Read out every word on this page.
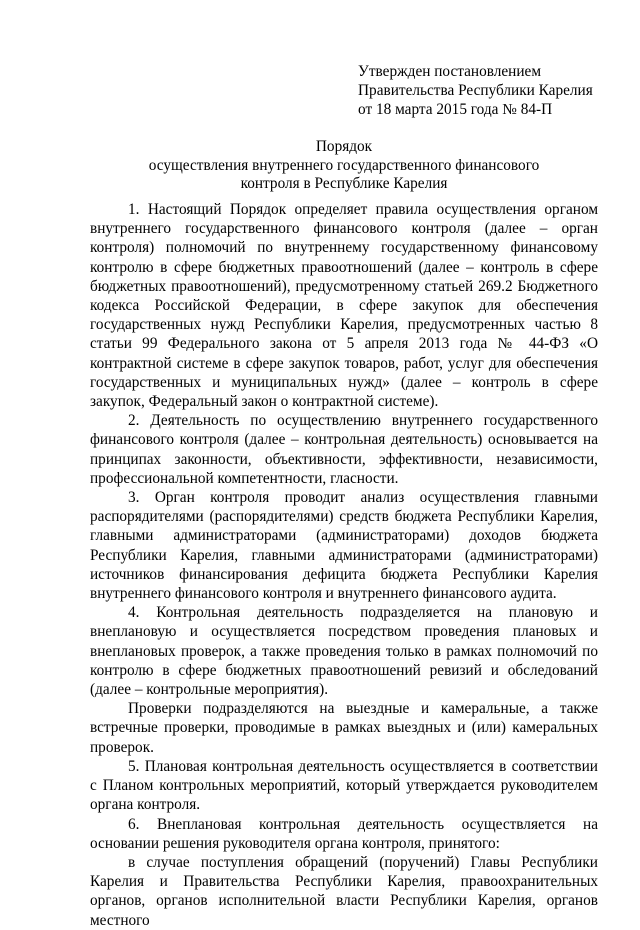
Утвержден постановлением
Правительства Республики Карелия
от 18 марта 2015 года № 84-П
Порядок
осуществления внутреннего государственного финансового
контроля в Республике Карелия

1. Настоящий Порядок определяет правила осуществления органом внутреннего государственного финансового контроля (далее – орган контроля) полномочий по внутреннему государственному финансовому контролю в сфере бюджетных правоотношений (далее – контроль в сфере бюджетных правоотношений), предусмотренному статьей 269.2 Бюджетного кодекса Российской Федерации, в сфере закупок для обеспечения государственных нужд Республики Карелия, предусмотренных частью 8 статьи 99 Федерального закона от 5 апреля 2013 года № 44-ФЗ «О контрактной системе в сфере закупок товаров, работ, услуг для обеспечения государственных и муниципальных нужд» (далее – контроль в сфере закупок, Федеральный закон о контрактной системе).

2. Деятельность по осуществлению внутреннего государственного финансового контроля (далее – контрольная деятельность) основывается на принципах законности, объективности, эффективности, независимости, профессиональной компетентности, гласности.

3. Орган контроля проводит анализ осуществления главными распорядителями (распорядителями) средств бюджета Республики Карелия, главными администраторами (администраторами) доходов бюджета Республики Карелия, главными администраторами (администраторами) источников финансирования дефицита бюджета Республики Карелия внутреннего финансового контроля и внутреннего финансового аудита.

4. Контрольная деятельность подразделяется на плановую и внеплановую и осуществляется посредством проведения плановых и внеплановых проверок, а также проведения только в рамках полномочий по контролю в сфере бюджетных правоотношений ревизий и обследований (далее – контрольные мероприятия).

Проверки подразделяются на выездные и камеральные, а также встречные проверки, проводимые в рамках выездных и (или) камеральных проверок.

5. Плановая контрольная деятельность осуществляется в соответствии с Планом контрольных мероприятий, который утверждается руководителем органа контроля.

6. Внеплановая контрольная деятельность осуществляется на основании решения руководителя органа контроля, принятого:

в случае поступления обращений (поручений) Главы Республики Карелия и Правительства Республики Карелия, правоохранительных органов, органов исполнительной власти Республики Карелия, органов местного
